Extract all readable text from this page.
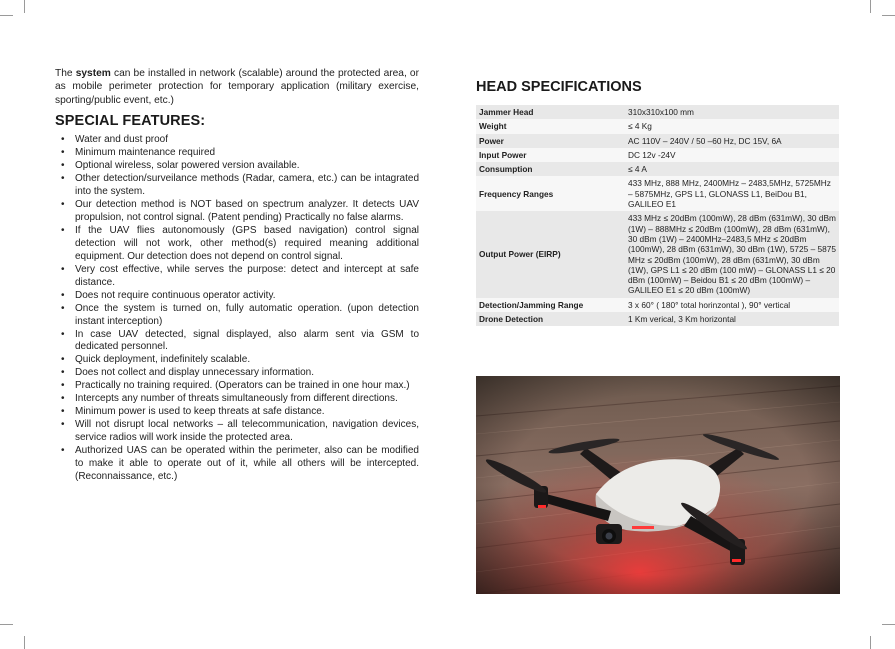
The system can be installed in network (scalable) around the protected area, or as mobile perimeter protection for temporary application (military exercise, sporting/public event, etc.)

SPECIAL FEATURES:
• Water and dust proof
• Minimum maintenance required
• Optional wireless, solar powered version available.
• Other detection/surveilance methods (Radar, camera, etc.) can be intagrated into the system.
• Our detection method is NOT based on spectrum analyzer. It detects UAV propulsion, not control signal. (Patent pending) Practically no false alarms.
• If the UAV flies autonomously (GPS based navigation) control signal detection will not work, other method(s) required meaning additional equipment. Our detection does not depend on control signal.
• Very cost effective, while serves the purpose: detect and intercept at safe distance.
• Does not require continuous operator activity.
• Once the system is turned on, fully automatic operation. (upon detection instant interception)
• In case UAV detected, signal displayed, also alarm sent via GSM to dedicated personnel.
• Quick deployment, indefinitely scalable.
• Does not collect and display unnecessary information.
• Practically no training required. (Operators can be trained in one hour max.)
• Intercepts any number of threats simultaneously from different directions.
• Minimum power is used to keep threats at safe distance.
• Will not disrupt local networks – all telecommunication, navigation devices, service radios will work inside the protected area.
• Authorized UAS can be operated within the perimeter, also can be modified to make it able to operate out of it, while all others will be intercepted. (Reconnaissance, etc.)
HEAD SPECIFICATIONS
Jammer Head	310x310x100 mm
Weight	≤ 4 Kg
Power	AC 110V – 240V / 50 –60 Hz, DC 15V, 6A
Input Power	DC 12v -24V
Consumption	≤ 4 A
Frequency Ranges	433 MHz, 888 MHz, 2400MHz – 2483,5MHz, 5725MHz – 5875MHz, GPS L1, GLONASS L1, BeiDou B1, GALILEO E1
Output Power (EIRP)	433 MHz ≤ 20dBm (100mW), 28 dBm (631mW), 30 dBm (1W) – 888MHz ≤ 20dBm (100mW), 28 dBm (631mW), 30 dBm (1W) – 2400MHz–2483,5 MHz ≤ 20dBm (100mW), 28 dBm (631mW), 30 dBm (1W), 5725 – 5875 MHz ≤ 20dBm (100mW), 28 dBm (631mW), 30 dBm (1W), GPS L1 ≤ 20 dBm (100 mW) – GLONASS L1 ≤ 20 dBm (100mW) – Beidou B1 ≤ 20 dBm (100mW) – GALILEO E1 ≤ 20 dBm (100mW)
Detection/Jamming Range	3 x 60° ( 180° total horinzontal ), 90° vertical
Drone Detection	1 Km verical, 3 Km horizontal
